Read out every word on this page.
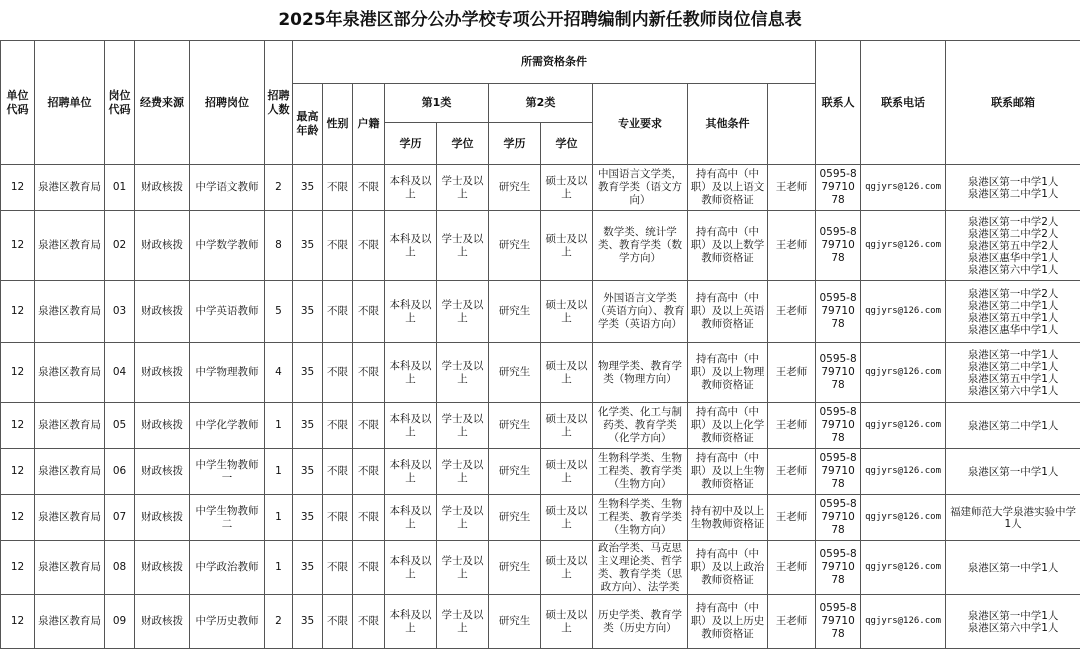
2025年泉港区部分公办学校专项公开招聘编制内新任教师岗位信息表
单位代码	招聘单位	岗位代码	经费来源	招聘岗位	招聘人数	所需资格条件										联系人	联系电话	联系邮箱	
						最高年龄	性别	户籍	第1类		第2类		专业要求	其他条件					
									学历	学位	学历	学位							
12	泉港区教育局	01	财政核拨	中学语文教师	2	35	不限	不限	本科及以上	学士及以上	研究生	硕士及以上	中国语言文学类，教育学类（语文方向）	持有高中（中职）及以上语文教师资格证	王老师	0595-87971078	qgjyrs@126.com	泉港区第一中学1人
泉港区第二中学1人	

12	泉港区教育局	02	财政核拨	中学数学教师	8	35	不限	不限	本科及以上	学士及以上	研究生	硕士及以上	数学类、统计学类、教育学类（数学方向）	持有高中（中职）及以上数学教师资格证	王老师	0595-87971078	qgjyrs@126.com	泉港区第一中学2人
泉港区第二中学2人
泉港区第五中学2人
泉港区惠华中学1人
泉港区第六中学1人	

12	泉港区教育局	03	财政核拨	中学英语教师	5	35	不限	不限	本科及以上	学士及以上	研究生	硕士及以上	外国语言文学类（英语方向）、教育学类（英语方向）	持有高中（中职）及以上英语教师资格证	王老师	0595-87971078	qgjyrs@126.com	泉港区第一中学2人
泉港区第二中学1人
泉港区第五中学1人
泉港区惠华中学1人	

12	泉港区教育局	04	财政核拨	中学物理教师	4	35	不限	不限	本科及以上	学士及以上	研究生	硕士及以上	物理学类、教育学类（物理方向）	持有高中（中职）及以上物理教师资格证	王老师	0595-87971078	qgjyrs@126.com	泉港区第一中学1人
泉港区第二中学1人
泉港区第五中学1人
泉港区第六中学1人	

12	泉港区教育局	05	财政核拨	中学化学教师	1	35	不限	不限	本科及以上	学士及以上	研究生	硕士及以上	化学类、化工与制药类、教育学类（化学方向）	持有高中（中职）及以上化学教师资格证	王老师	0595-87971078	qgjyrs@126.com	泉港区第二中学1人	

12	泉港区教育局	06	财政核拨	中学生物教师一	1	35	不限	不限	本科及以上	学士及以上	研究生	硕士及以上	生物科学类、生物工程类、教育学类（生物方向）	持有高中（中职）及以上生物教师资格证	王老师	0595-87971078	qgjyrs@126.com	泉港区第一中学1人	

12	泉港区教育局	07	财政核拨	中学生物教师二	1	35	不限	不限	本科及以上	学士及以上	研究生	硕士及以上	生物科学类、生物工程类、教育学类（生物方向）	持有初中及以上生物教师资格证	王老师	0595-87971078	qgjyrs@126.com	福建师范大学泉港实验中学1人	

12	泉港区教育局	08	财政核拨	中学政治教师	1	35	不限	不限	本科及以上	学士及以上	研究生	硕士及以上	政治学类、马克思主义理论类、哲学类、教育学类（思政方向）、法学类	持有高中（中职）及以上政治教师资格证	王老师	0595-87971078	qgjyrs@126.com	泉港区第一中学1人	

12	泉港区教育局	09	财政核拨	中学历史教师	2	35	不限	不限	本科及以上	学士及以上	研究生	硕士及以上	历史学类、教育学类（历史方向）	持有高中（中职）及以上历史教师资格证	王老师	0595-87971078	qgjyrs@126.com	泉港区第一中学1人
泉港区第六中学1人	
